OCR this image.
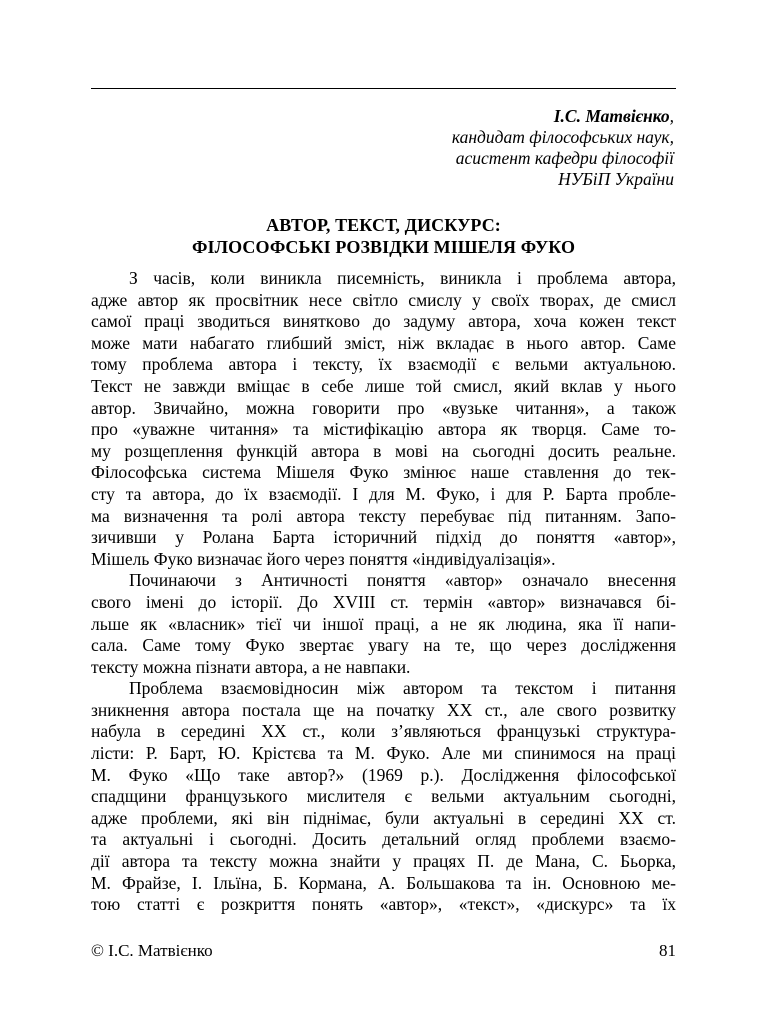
І.С. Матвієнко,
кандидат філософських наук,
асистент кафедри філософії
НУБіП України
АВТОР, ТЕКСТ, ДИСКУРС:
ФІЛОСОФСЬКІ РОЗВІДКИ МІШЕЛЯ ФУКО
З часів, коли виникла писемність, виникла і проблема автора,
адже автор як просвітник несе світло смислу у своїх творах, де смисл
самої праці зводиться виняткoвo до задуму автора, хоча кожен текст
може мати набагато глибший зміст, ніж вкладає в нього автор. Саме
тому проблема автора і тексту, їх взаємодії є вельми актуальною.
Текст не завжди вміщає в себе лише той смисл, який вклав у нього
автор. Звичайно, можна говорити про «вузьке читання», а також
про «уважне читання» та містифікацію автора як творця. Саме то-
му розщеплення функцій автора в мові на сьогодні досить реальне.
Філософська система Мішеля Фуко змінює наше ставлення до тек-
сту та автора, до їх взаємодії. І для М. Фуко, і для Р. Барта пробле-
ма визначення та ролі автора тексту перебуває під питанням. Запо-
зичивши у Ролана Барта історичний підхід до поняття «автор»,
Мішель Фуко визначає його через поняття «індивідуалізація».
Починаючи з Античності поняття «автор» означало внесення
свого імені до історії. До XVIII ст. термін «автор» визначався бі-
льше як «власник» тієї чи іншої праці, а не як людина, яка її напи-
сала. Саме тому Фуко звертає увагу на те, що через дослідження
тексту можна пізнати автора, а не навпаки.
Проблема взаємовідносин між автором та текстом і питання
зникнення автора постала ще на початку XX ст., але свого розвитку
набула в середині XX ст., коли з’являються французькі структура-
лісти: Р. Барт, Ю. Крістєва та М. Фуко. Але ми спинимося на праці
М. Фуко «Що таке автор?» (1969 р.). Дослідження філософської
спадщини французького мислителя є вельми актуальним сьогодні,
адже проблеми, які він піднімає, були актуальні в середині XX ст.
та актуальні і сьогодні. Досить детальний огляд проблеми взаємо-
дії автора та тексту можна знайти у працях П. де Мана, С. Бьорка,
М. Фрайзе, І. Ільїна, Б. Кормана, А. Большакова та ін. Основною ме-
тою статті є розкриття понять «автор», «текст», «дискурс» та їх
© І.С. Матвієнко	81
